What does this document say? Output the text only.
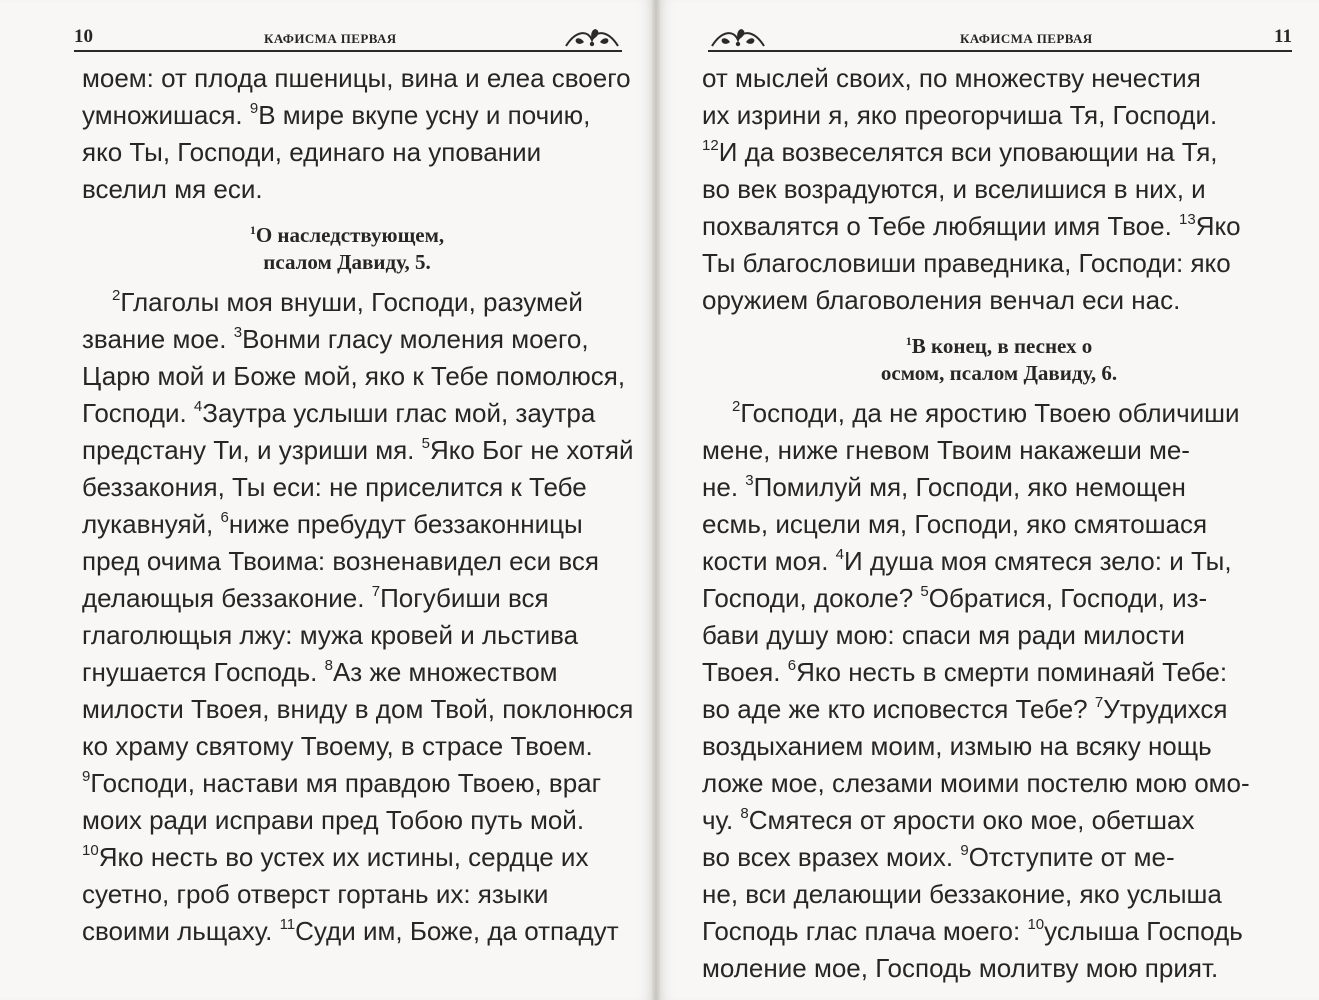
10	КАФИСМА ПЕРВАЯ
моем: от плода пшеницы, вина и елеа своего
умножишася. $^9$В мире вкупе усну и почию,
яко Ты, Господи, единаго на уповании
вселил мя еси.
$^1$О наследствующем,
псалом Давиду, 5.
$^2$Глаголы моя внуши, Господи, разумей
звание мое. $^3$Вонми гласу моления моего,
Царю мой и Боже мой, яко к Тебе помолюся,
Господи. $^4$Заутра услыши глас мой, заутра
предстану Ти, и узриши мя. $^5$Яко Бог не хотяй
беззакония, Ты еси: не приселится к Тебе
лукавнуяй, $^6$ниже пребудут беззаконницы
пред очима Твоима: возненавидел еси вся
делающыя беззаконие. $^7$Погубиши вся
глаголющыя лжу: мужа кровей и льстива
гнушается Господь. $^8$Аз же множеством
милости Твоея, вниду в дом Твой, поклонюся
ко храму святому Твоему, в страсе Твоем.
$^9$Господи, настави мя правдою Твоею, враг
моих ради исправи пред Тобою путь мой.
$^{10}$Яко несть во устех их истины, сердце их
суетно, гроб отверст гортань их: языки
своими льщаху. $^{11}$Суди им, Боже, да отпадут
КАФИСМА ПЕРВАЯ	11
от мыслей своих, по множеству нечестия
их изрини я, яко преогорчиша Тя, Господи.
$^{12}$И да возвеселятся вси уповающии на Тя,
во век возрадуются, и вселишися в них, и
похвалятся о Тебе любящии имя Твое. $^{13}$Яко
Ты благословиши праведника, Господи: яко
оружием благоволения венчал еси нас.
$^1$В конец, в песнех о
осмом, псалом Давиду, 6.
$^2$Господи, да не яростию Твоею обличиши
мене, ниже гневом Твоим накажеши ме-
не. $^3$Помилуй мя, Господи, яко немощен
есмь, исцели мя, Господи, яко смятошася
кости моя. $^4$И душа моя смятеся зело: и Ты,
Господи, доколе? $^5$Обратися, Господи, из-
бави душу мою: спаси мя ради милости
Твоея. $^6$Яко несть в смерти поминаяй Тебе:
во аде же кто исповестся Тебе? $^7$Утрудихся
воздыханием моим, измыю на всяку нощь
ложе мое, слезами моими постелю мою омо-
чу. $^8$Смятеся от ярости око мое, обетшах
во всех вразех моих. $^9$Отступите от ме-
не, вси делающии беззаконие, яко услыша
Господь глас плача моего: $^{10}$услыша Господь
моление мое, Господь молитву мою прият.
